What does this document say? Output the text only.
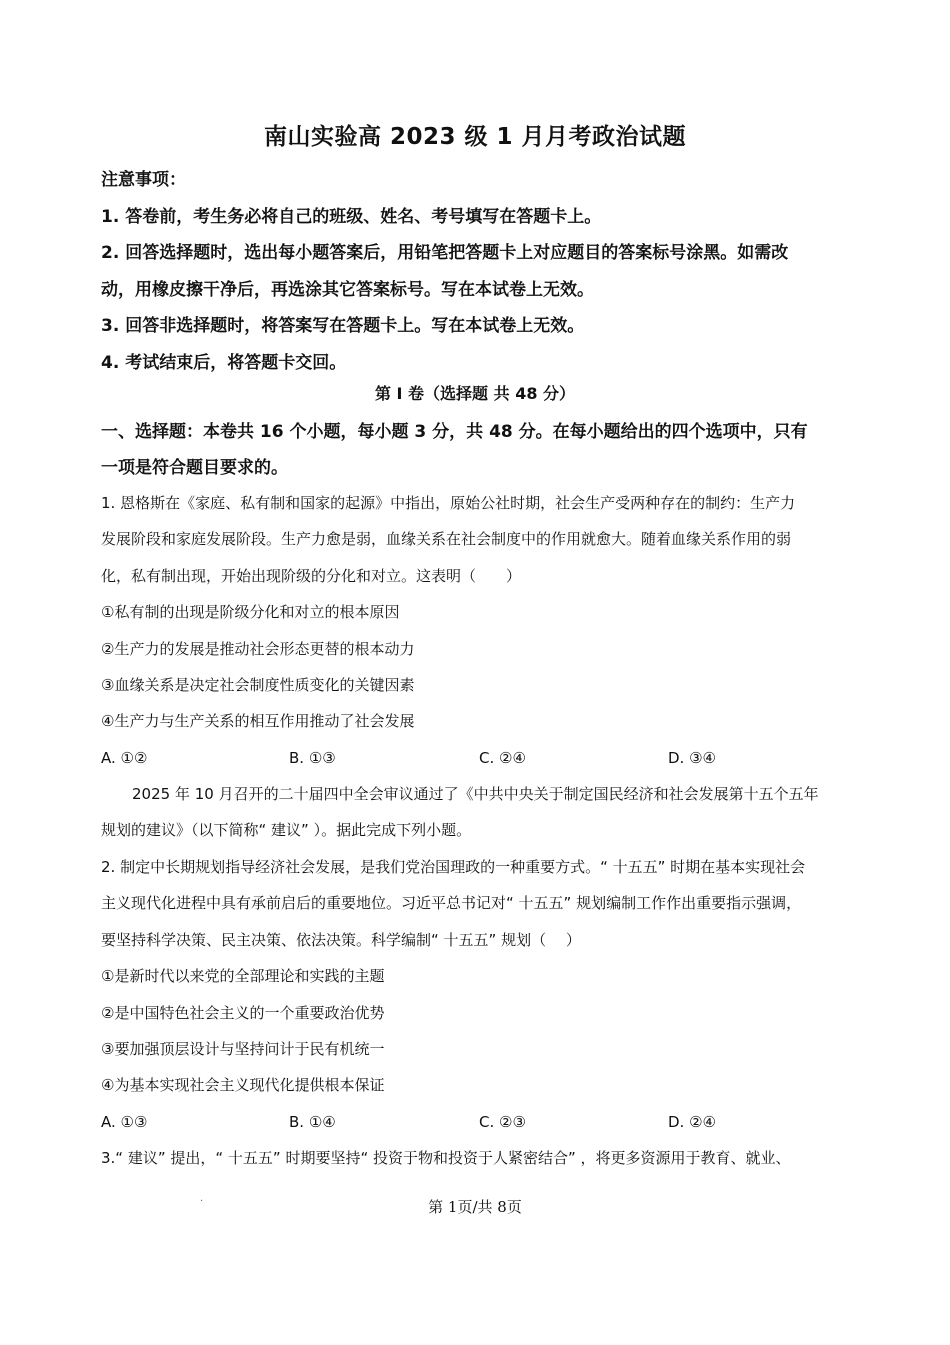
南山实验高 2023 级 1 月月考政治试题
注意事项：
1. 答卷前，考生务必将自己的班级、姓名、考号填写在答题卡上。
2. 回答选择题时，选出每小题答案后，用铅笔把答题卡上对应题目的答案标号涂黑。如需改
动，用橡皮擦干净后，再选涂其它答案标号。写在本试卷上无效。
3. 回答非选择题时，将答案写在答题卡上。写在本试卷上无效。
4. 考试结束后，将答题卡交回。
第 I 卷（选择题 共 48 分）
一、选择题：本卷共 16 个小题，每小题 3 分，共 48 分。在每小题给出的四个选项中，只有
一项是符合题目要求的。
1. 恩格斯在《家庭、私有制和国家的起源》中指出，原始公社时期，社会生产受两种存在的制约：生产力
发展阶段和家庭发展阶段。生产力愈是弱，血缘关系在社会制度中的作用就愈大。随着血缘关系作用的弱
化，私有制出现，开始出现阶级的分化和对立。这表明（　　）
①私有制的出现是阶级分化和对立的根本原因
②生产力的发展是推动社会形态更替的根本动力
③血缘关系是决定社会制度性质变化的关键因素
④生产力与生产关系的相互作用推动了社会发展
A. ①②	B. ①③	C. ②④	D. ③④
2025 年 10 月召开的二十届四中全会审议通过了《中共中央关于制定国民经济和社会发展第十五个五年
规划的建议》（以下简称“ 建议” ）。据此完成下列小题。
2. 制定中长期规划指导经济社会发展，是我们党治国理政的一种重要方式。“ 十五五” 时期在基本实现社会
主义现代化进程中具有承前启后的重要地位。习近平总书记对“ 十五五” 规划编制工作作出重要指示强调，
要坚持科学决策、民主决策、依法决策。科学编制“ 十五五” 规划（　 ）
①是新时代以来党的全部理论和实践的主题
②是中国特色社会主义的一个重要政治优势
③要加强顶层设计与坚持问计于民有机统一
④为基本实现社会主义现代化提供根本保证
A. ①③	B. ①④	C. ②③	D. ②④
3.“ 建议” 提出，“ 十五五” 时期要坚持“ 投资于物和投资于人紧密结合” ，将更多资源用于教育、就业、
·	第 1页/共 8页
